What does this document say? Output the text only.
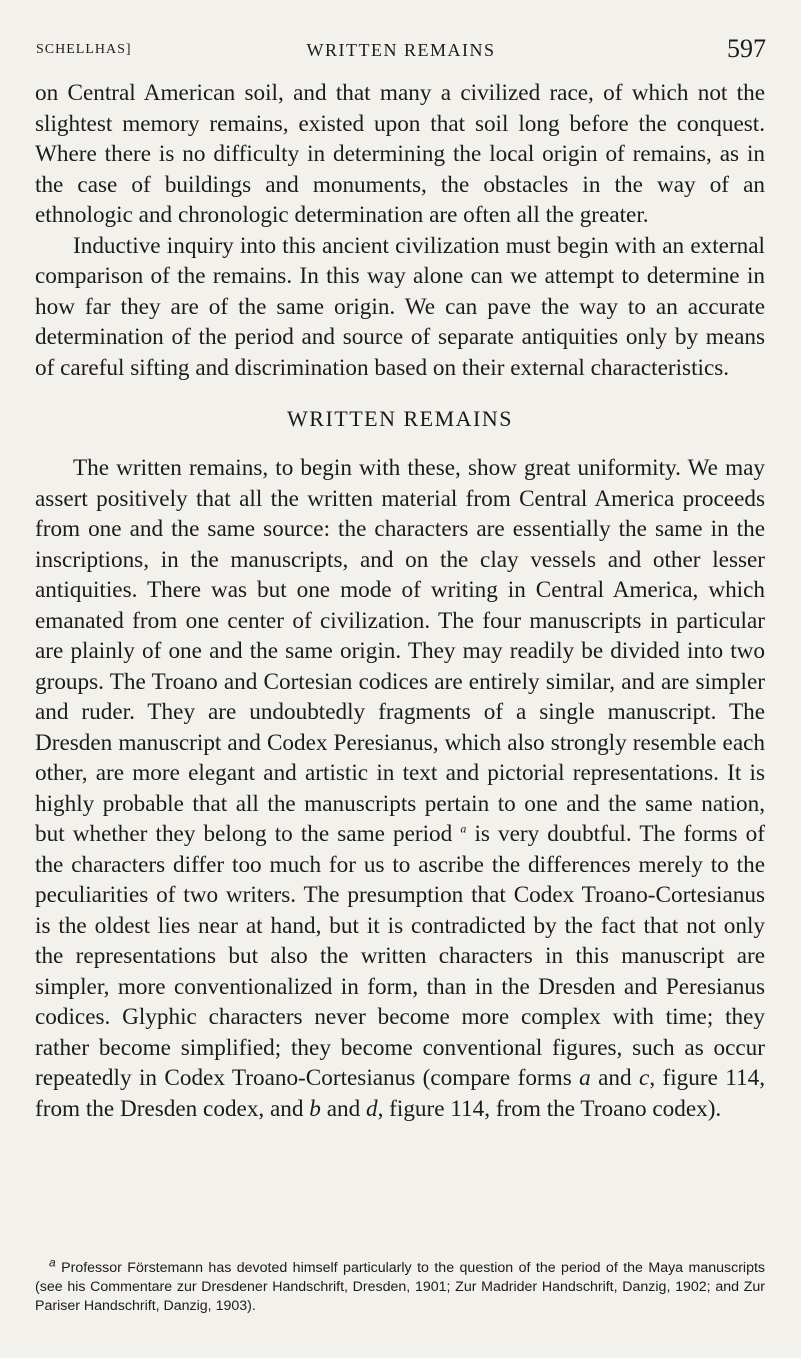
SCHELLHAS]	WRITTEN REMAINS	597

on Central American soil, and that many a civilized race, of which not the slightest memory remains, existed upon that soil long before the conquest. Where there is no difficulty in determining the local origin of remains, as in the case of buildings and monuments, the obstacles in the way of an ethnologic and chronologic determination are often all the greater.

Inductive inquiry into this ancient civilization must begin with an external comparison of the remains. In this way alone can we attempt to determine in how far they are of the same origin. We can pave the way to an accurate determination of the period and source of separate antiquities only by means of careful sifting and discrimination based on their external characteristics.

WRITTEN REMAINS

The written remains, to begin with these, show great uniformity. We may assert positively that all the written material from Central America proceeds from one and the same source: the characters are essentially the same in the inscriptions, in the manuscripts, and on the clay vessels and other lesser antiquities. There was but one mode of writing in Central America, which emanated from one center of civilization. The four manuscripts in particular are plainly of one and the same origin. They may readily be divided into two groups. The Troano and Cortesian codices are entirely similar, and are simpler and ruder. They are undoubtedly fragments of a single manuscript. The Dresden manuscript and Codex Peresianus, which also strongly resemble each other, are more elegant and artistic in text and pictorial representations. It is highly probable that all the manuscripts pertain to one and the same nation, but whether they belong to the same period $^a$ is very doubtful. The forms of the characters differ too much for us to ascribe the differences merely to the peculiarities of two writers. The presumption that Codex Troano-Cortesianus is the oldest lies near at hand, but it is contradicted by the fact that not only the representations but also the written characters in this manuscript are simpler, more conventionalized in form, than in the Dresden and Peresianus codices. Glyphic characters never become more complex with time; they rather become simplified; they become conventional figures, such as occur repeatedly in Codex Troano-Cortesianus (compare forms a and c, figure 114, from the Dresden codex, and b and d, figure 114, from the Troano codex).

$^a$ Professor Förstemann has devoted himself particularly to the question of the period of the Maya manuscripts (see his Commentare zur Dresdener Handschrift, Dresden, 1901; Zur Madrider Handschrift, Danzig, 1902; and Zur Pariser Handschrift, Danzig, 1903).
